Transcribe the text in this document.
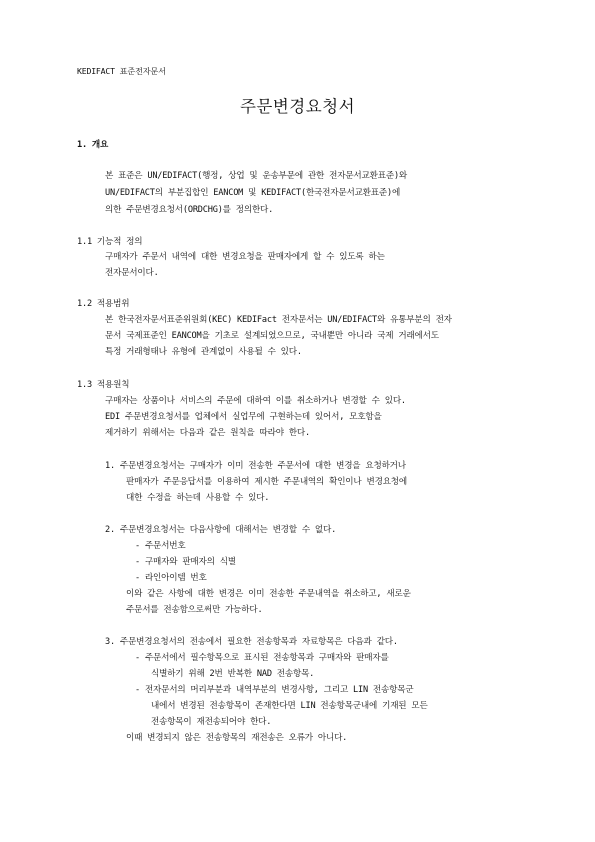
KEDIFACT 표준전자문서
주문변경요청서
1. 개요
본 표준은 UN/EDIFACT(행정, 상업 및 운송부문에 관한 전자문서교환표준)와
UN/EDIFACT의 부분집합인 EANCOM 및 KEDIFACT(한국전자문서교환표준)에
의한 주문변경요청서(ORDCHG)를 정의한다.
1.1 기능적 정의
구매자가 주문서 내역에 대한 변경요청을 판매자에게 할 수 있도록 하는
전자문서이다.
1.2 적용범위
본 한국전자문서표준위원회(KEC) KEDIFact 전자문서는 UN/EDIFACT와 유통부분의 전자
문서 국제표준인 EANCOM을 기초로 설계되었으므로, 국내뿐만 아니라 국제 거래에서도
특정 거래형태나 유형에 관계없이 사용될 수 있다.
1.3 적용원칙
구매자는 상품이나 서비스의 주문에 대하여 이를 취소하거나 변경할 수 있다.
EDI 주문변경요청서를 업체에서 실업무에 구현하는데 있어서, 모호함을
제거하기 위해서는 다음과 같은 원칙을 따라야 한다.
1. 주문변경요청서는 구매자가 이미 전송한 주문서에 대한 변경을 요청하거나
판매자가 주문응답서를 이용하여 제시한 주문내역의 확인이나 변경요청에
대한 수정을 하는데 사용할 수 있다.
2. 주문변경요청서는 다음사항에 대해서는 변경할 수 없다.
- 주문서번호
- 구매자와 판매자의 식별
- 라인아이템 번호
이와 같은 사항에 대한 변경은 이미 전송한 주문내역을 취소하고, 새로운
주문서를 전송함으로써만 가능하다.
3. 주문변경요청서의 전송에서 필요한 전송항목과 자료항목은 다음과 같다.
- 주문서에서 필수항목으로 표시된 전송항목과 구매자와 판매자를
식별하기 위해 2번 반복한 NAD 전송항목.
- 전자문서의 머리부분과 내역부분의 변경사항, 그리고 LIN 전송항목군
내에서 변경된 전송항목이 존재한다면 LIN 전송항목군내에 기재된 모든
전송항목이 재전송되어야 한다.
이때 변경되지 않은 전송항목의 재전송은 오류가 아니다.
